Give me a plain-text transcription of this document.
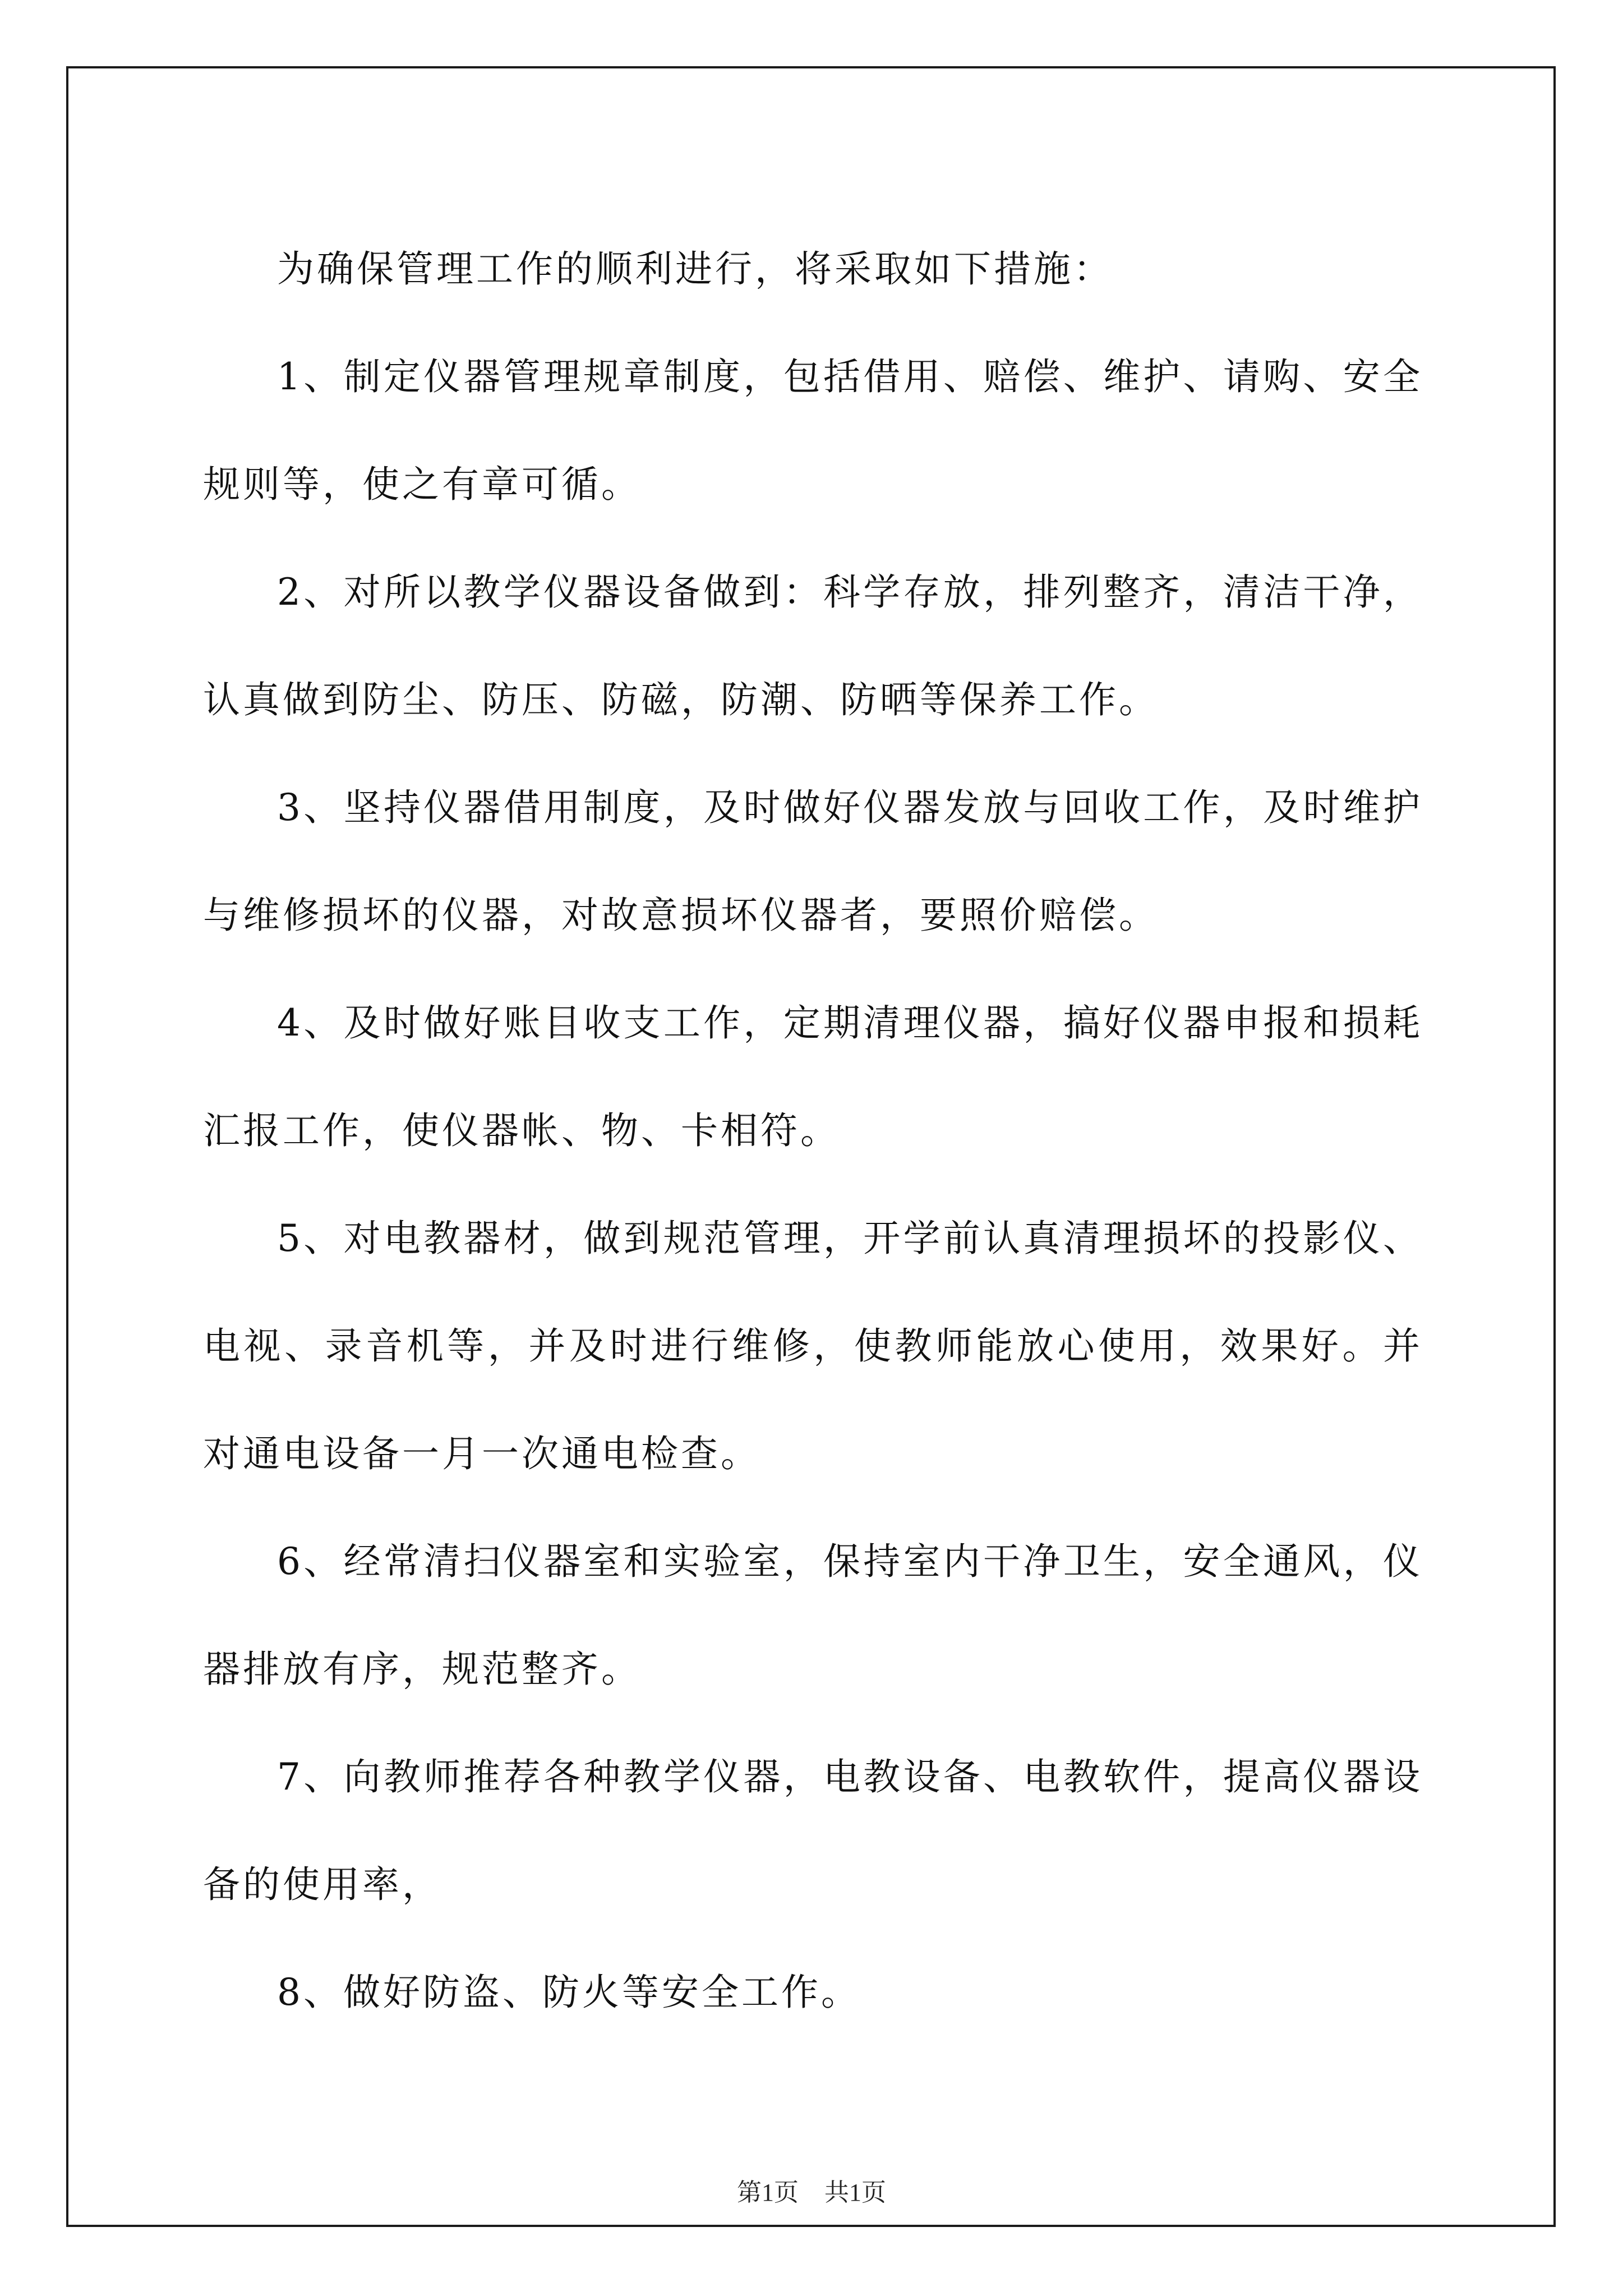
为确保管理工作的顺利进行，将采取如下措施：

1、制定仪器管理规章制度，包括借用、赔偿、维护、请购、安全规则等，使之有章可循。

2、对所以教学仪器设备做到：科学存放，排列整齐，清洁干净，认真做到防尘、防压、防磁，防潮、防晒等保养工作。

3、坚持仪器借用制度，及时做好仪器发放与回收工作，及时维护与维修损坏的仪器，对故意损坏仪器者，要照价赔偿。

4、及时做好账目收支工作，定期清理仪器，搞好仪器申报和损耗汇报工作，使仪器帐、物、卡相符。

5、对电教器材，做到规范管理，开学前认真清理损坏的投影仪、电视、录音机等，并及时进行维修，使教师能放心使用，效果好。并对通电设备一月一次通电检查。

6、经常清扫仪器室和实验室，保持室内干净卫生，安全通风，仪器排放有序，规范整齐。

7、向教师推荐各种教学仪器，电教设备、电教软件，提高仪器设备的使用率，

8、做好防盗、防火等安全工作。

第1页 共1页
